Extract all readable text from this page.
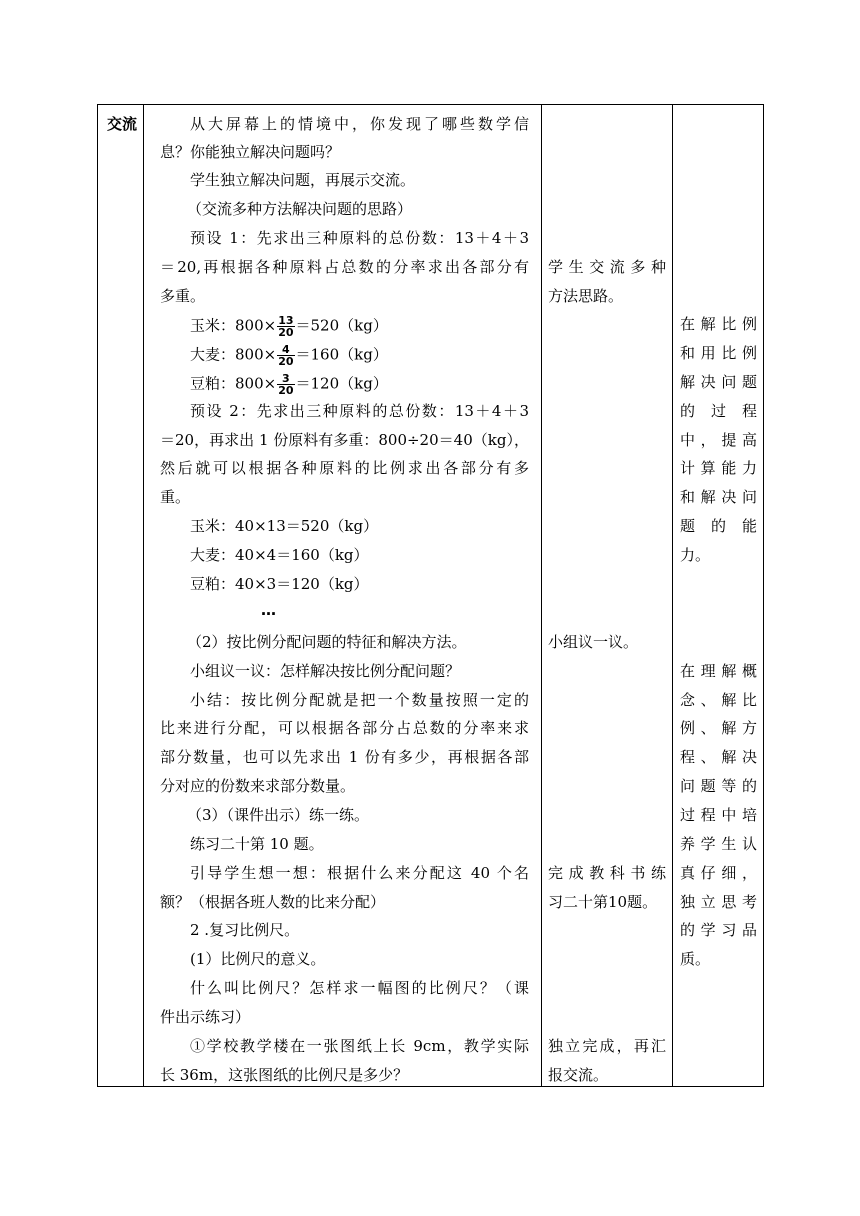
交流	从大屏幕上的情境中，你发现了哪些数学信
息？你能独立解决问题吗？
学生独立解决问题，再展示交流。
（交流多种方法解决问题的思路）
预设 1：先求出三种原料的总份数：13＋4＋3
＝20,再根据各种原料占总数的分率求出各部分有
多重。
玉米：$800\times \frac{13}{20} =520(kg)$
大麦：$800\times \frac{4}{20} =160(kg)$
豆粕：$800\times \frac{3}{20} =120(kg)$
预设 2：先求出三种原料的总份数：13＋4＋3
＝20，再求出 1 份原料有多重：800÷20＝40（kg），
然后就可以根据各种原料的比例求出各部分有多
重。
玉米：40×13＝520（kg）
大麦：40×4＝160（kg）
豆粕：40×3＝120（kg）
…
（2）按比例分配问题的特征和解决方法。
小组议一议：怎样解决按比例分配问题？
小结：按比例分配就是把一个数量按照一定的
比来进行分配，可以根据各部分占总数的分率来求
部分数量，也可以先求出 1 份有多少，再根据各部
分对应的份数来求部分数量。
（3）（课件出示）练一练。
练习二十第 10 题。
引导学生想一想：根据什么来分配这 40 个名
额？（根据各班人数的比来分配）
2 .复习比例尺。
(1）比例尺的意义。
什么叫比例尺？怎样求一幅图的比例尺？（课
件出示练习）
①学校教学楼在一张图纸上长 9cm，教学实际
长 36m，这张图纸的比例尺是多少？
学生交流多种
方法思路。
小组议一议。
完成教科书练
习二十第10题。
独立完成，再汇
报交流。
在解比例
和用比例
解决问题
的 过 程
中，提高
计算能力
和解决问
题 的 能
力。
在理解概
念、解比
例、解方
程、解决
问题等的
过程中培
养学生认
真仔细，
独立思考
的学习品
质。
